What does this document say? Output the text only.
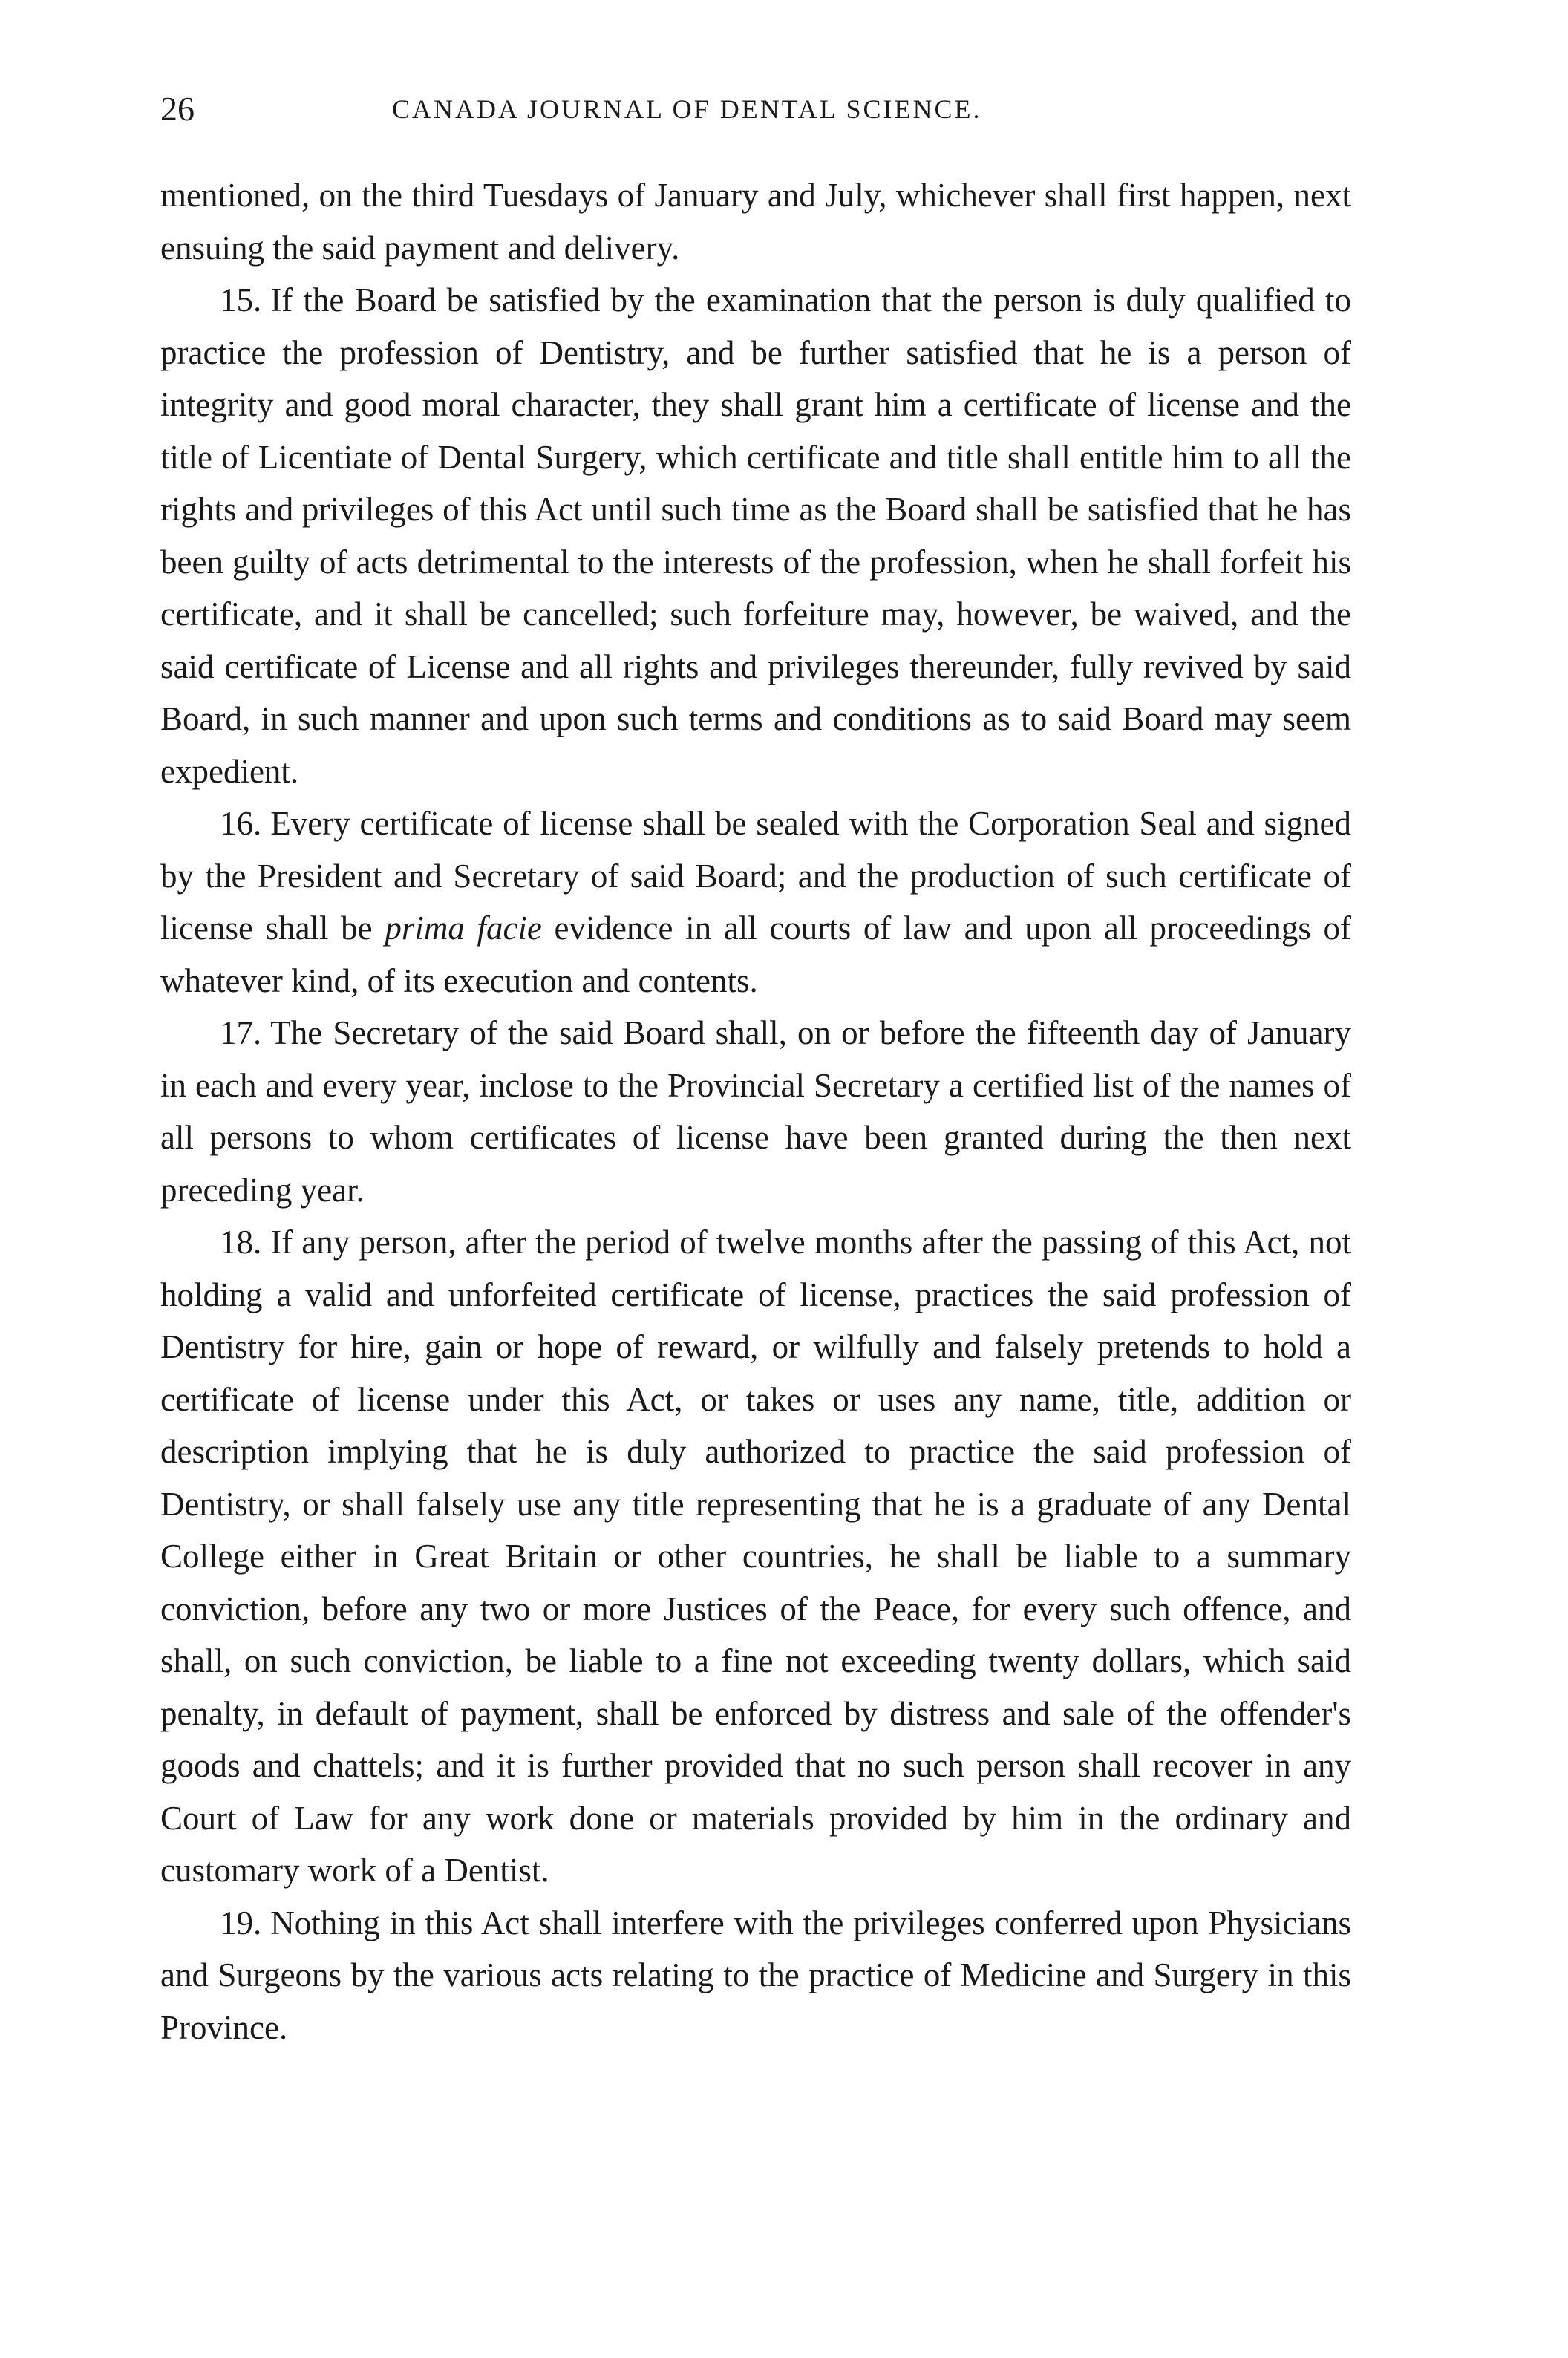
26	CANADA JOURNAL OF DENTAL SCIENCE.

mentioned, on the third Tuesdays of January and July, whichever shall first happen, next ensuing the said payment and delivery.

15. If the Board be satisfied by the examination that the person is duly qualified to practice the profession of Dentistry, and be further satisfied that he is a person of integrity and good moral character, they shall grant him a certificate of license and the title of Licentiate of Dental Surgery, which certificate and title shall entitle him to all the rights and privileges of this Act until such time as the Board shall be satisfied that he has been guilty of acts detrimental to the interests of the profession, when he shall forfeit his certificate, and it shall be cancelled; such forfeiture may, however, be waived, and the said certificate of License and all rights and privileges thereunder, fully revived by said Board, in such manner and upon such terms and conditions as to said Board may seem expedient.

16. Every certificate of license shall be sealed with the Corporation Seal and signed by the President and Secretary of said Board; and the production of such certificate of license shall be prima facie evidence in all courts of law and upon all proceedings of whatever kind, of its execution and contents.

17. The Secretary of the said Board shall, on or before the fifteenth day of January in each and every year, inclose to the Provincial Secretary a certified list of the names of all persons to whom certificates of license have been granted during the then next preceding year.

18. If any person, after the period of twelve months after the passing of this Act, not holding a valid and unforfeited certificate of license, practices the said profession of Dentistry for hire, gain or hope of reward, or wilfully and falsely pretends to hold a certificate of license under this Act, or takes or uses any name, title, addition or description implying that he is duly authorized to practice the said profession of Dentistry, or shall falsely use any title representing that he is a graduate of any Dental College either in Great Britain or other countries, he shall be liable to a summary conviction, before any two or more Justices of the Peace, for every such offence, and shall, on such conviction, be liable to a fine not exceeding twenty dollars, which said penalty, in default of payment, shall be enforced by distress and sale of the offender's goods and chattels; and it is further provided that no such person shall recover in any Court of Law for any work done or materials provided by him in the ordinary and customary work of a Dentist.

19. Nothing in this Act shall interfere with the privileges conferred upon Physicians and Surgeons by the various acts relating to the practice of Medicine and Surgery in this Province.
